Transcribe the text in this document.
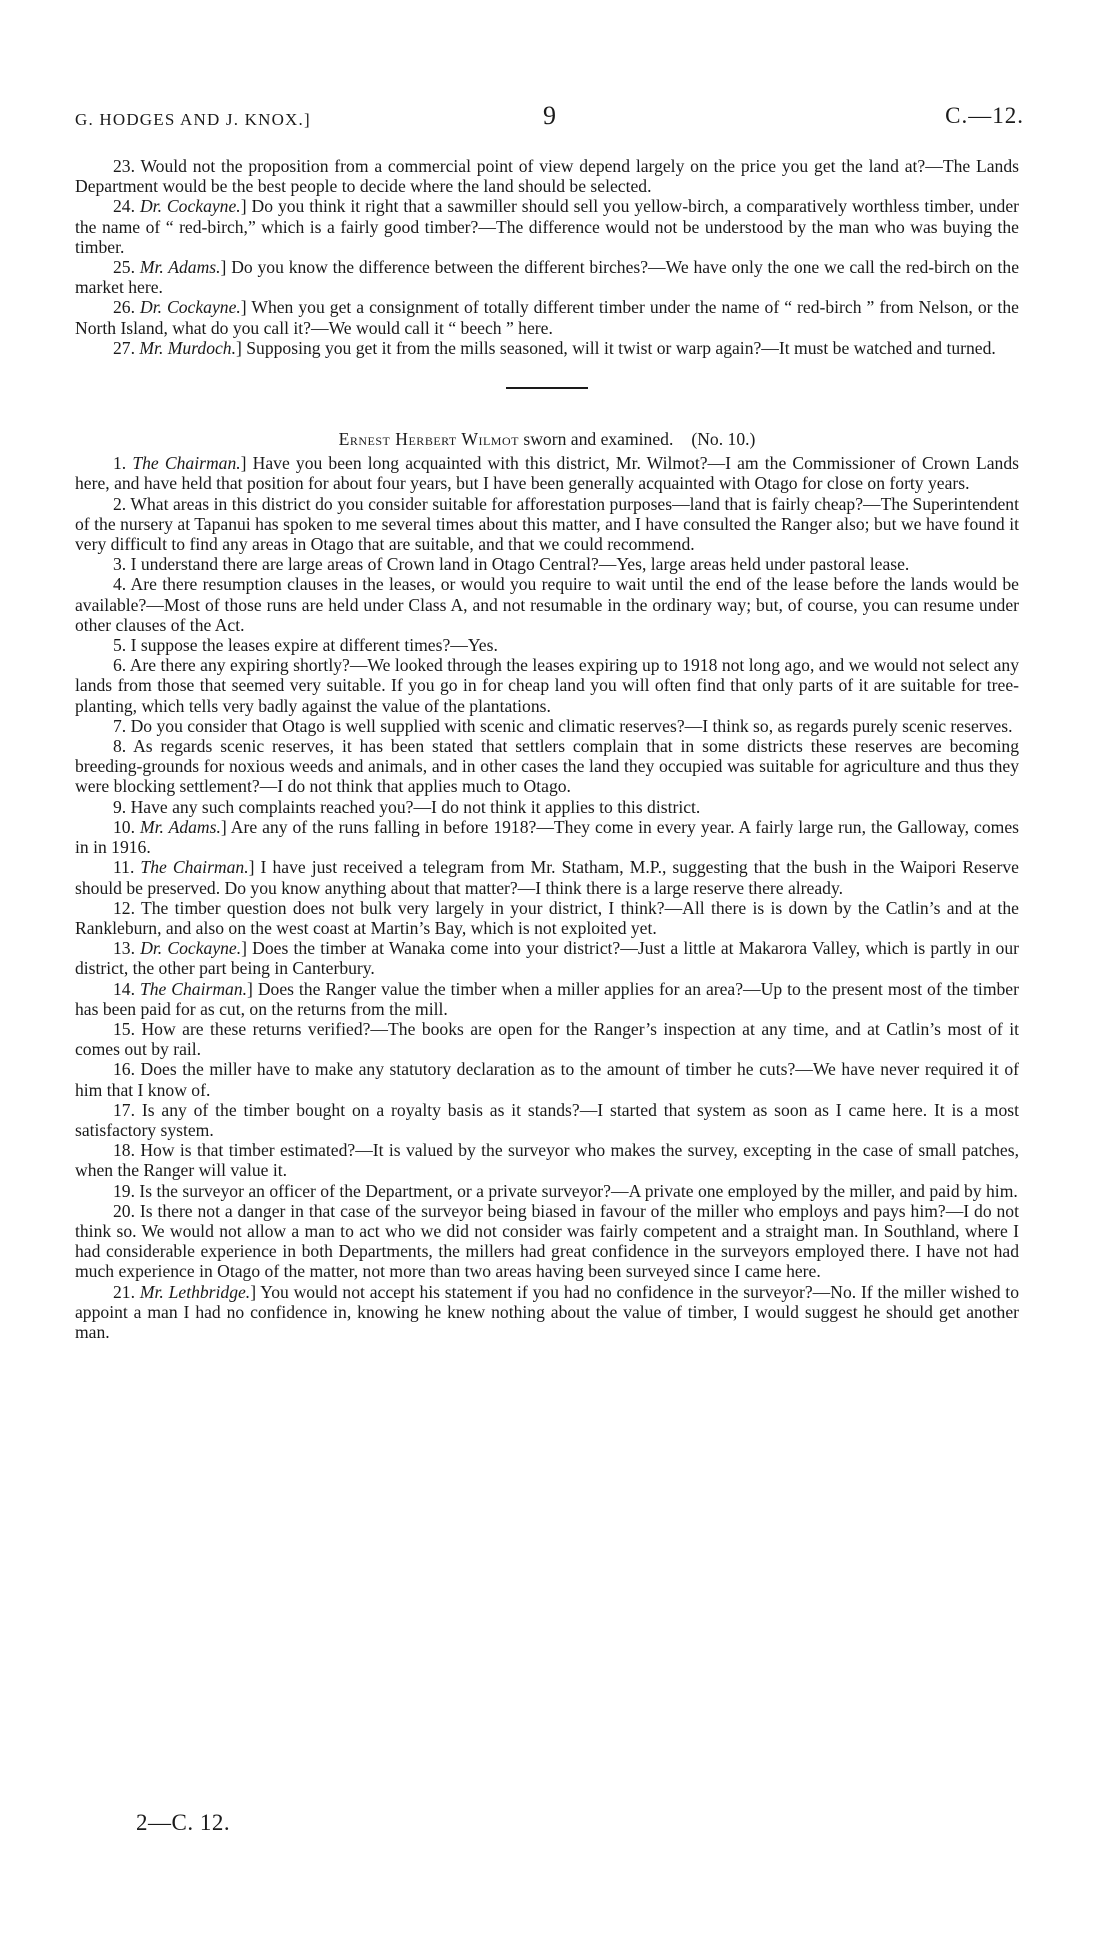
G. HODGES AND J. KNOX.]	9	C.—12.

23. Would not the proposition from a commercial point of view depend largely on the price you get the land at?—The Lands Department would be the best people to decide where the land should be selected.

24. Dr. Cockayne.] Do you think it right that a sawmiller should sell you yellow-birch, a comparatively worthless timber, under the name of “ red-birch,” which is a fairly good timber?—The difference would not be understood by the man who was buying the timber.

25. Mr. Adams.] Do you know the difference between the different birches?—We have only the one we call the red-birch on the market here.

26. Dr. Cockayne.] When you get a consignment of totally different timber under the name of “ red-birch ” from Nelson, or the North Island, what do you call it?—We would call it “ beech ” here.

27. Mr. Murdoch.] Supposing you get it from the mills seasoned, will it twist or warp again?—It must be watched and turned.

Ernest Herbert Wilmot sworn and examined. (No. 10.)

1. The Chairman.] Have you been long acquainted with this district, Mr. Wilmot?—I am the Commissioner of Crown Lands here, and have held that position for about four years, but I have been generally acquainted with Otago for close on forty years.

2. What areas in this district do you consider suitable for afforestation purposes—land that is fairly cheap?—The Superintendent of the nursery at Tapanui has spoken to me several times about this matter, and I have consulted the Ranger also; but we have found it very difficult to find any areas in Otago that are suitable, and that we could recommend.

3. I understand there are large areas of Crown land in Otago Central?—Yes, large areas held under pastoral lease.

4. Are there resumption clauses in the leases, or would you require to wait until the end of the lease before the lands would be available?—Most of those runs are held under Class A, and not resumable in the ordinary way; but, of course, you can resume under other clauses of the Act.

5. I suppose the leases expire at different times?—Yes.

6. Are there any expiring shortly?—We looked through the leases expiring up to 1918 not long ago, and we would not select any lands from those that seemed very suitable. If you go in for cheap land you will often find that only parts of it are suitable for tree-planting, which tells very badly against the value of the plantations.

7. Do you consider that Otago is well supplied with scenic and climatic reserves?—I think so, as regards purely scenic reserves.

8. As regards scenic reserves, it has been stated that settlers complain that in some districts these reserves are becoming breeding-grounds for noxious weeds and animals, and in other cases the land they occupied was suitable for agriculture and thus they were blocking settlement?—I do not think that applies much to Otago.

9. Have any such complaints reached you?—I do not think it applies to this district.

10. Mr. Adams.] Are any of the runs falling in before 1918?—They come in every year. A fairly large run, the Galloway, comes in in 1916.

11. The Chairman.] I have just received a telegram from Mr. Statham, M.P., suggesting that the bush in the Waipori Reserve should be preserved. Do you know anything about that matter?—I think there is a large reserve there already.

12. The timber question does not bulk very largely in your district, I think?—All there is is down by the Catlin’s and at the Rankleburn, and also on the west coast at Martin’s Bay, which is not exploited yet.

13. Dr. Cockayne.] Does the timber at Wanaka come into your district?—Just a little at Makarora Valley, which is partly in our district, the other part being in Canterbury.

14. The Chairman.] Does the Ranger value the timber when a miller applies for an area?—Up to the present most of the timber has been paid for as cut, on the returns from the mill.

15. How are these returns verified?—The books are open for the Ranger’s inspection at any time, and at Catlin’s most of it comes out by rail.

16. Does the miller have to make any statutory declaration as to the amount of timber he cuts?—We have never required it of him that I know of.

17. Is any of the timber bought on a royalty basis as it stands?—I started that system as soon as I came here. It is a most satisfactory system.

18. How is that timber estimated?—It is valued by the surveyor who makes the survey, excepting in the case of small patches, when the Ranger will value it.

19. Is the surveyor an officer of the Department, or a private surveyor?—A private one employed by the miller, and paid by him.

20. Is there not a danger in that case of the surveyor being biased in favour of the miller who employs and pays him?—I do not think so. We would not allow a man to act who we did not consider was fairly competent and a straight man. In Southland, where I had considerable experience in both Departments, the millers had great confidence in the surveyors employed there. I have not had much experience in Otago of the matter, not more than two areas having been surveyed since I came here.

21. Mr. Lethbridge.] You would not accept his statement if you had no confidence in the surveyor?—No. If the miller wished to appoint a man I had no confidence in, knowing he knew nothing about the value of timber, I would suggest he should get another man.

2—C. 12.
